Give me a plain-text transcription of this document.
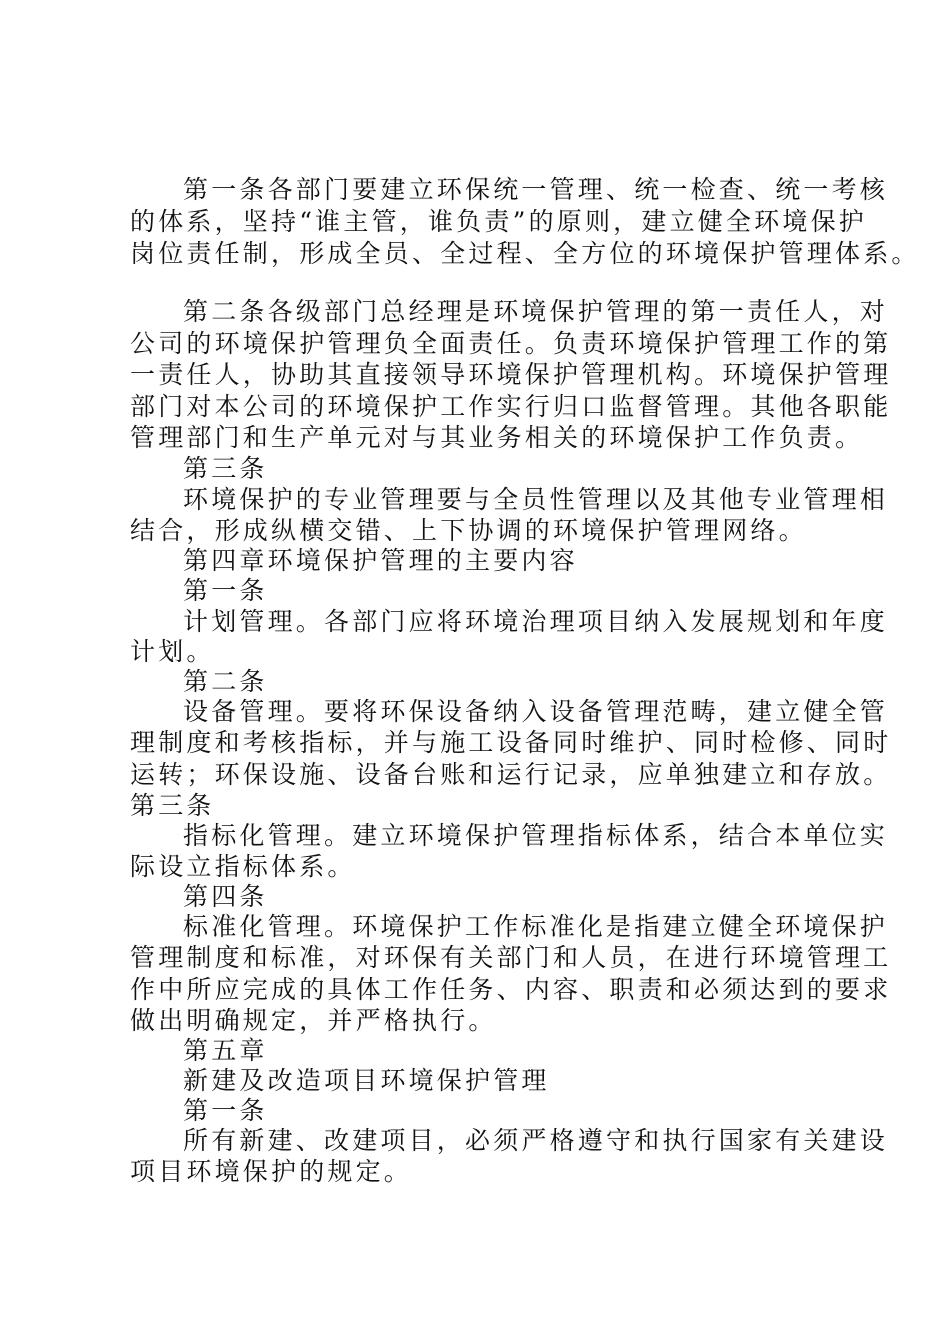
第一条各部门要建立环保统一管理、统一检查、统一考核

的体系，坚持“谁主管，谁负责”的原则，建立健全环境保护

岗位责任制，形成全员、全过程、全方位的环境保护管理体系。

第二条各级部门总经理是环境保护管理的第一责任人，对

公司的环境保护管理负全面责任。负责环境保护管理工作的第

一责任人，协助其直接领导环境保护管理机构。环境保护管理

部门对本公司的环境保护工作实行归口监督管理。其他各职能

管理部门和生产单元对与其业务相关的环境保护工作负责。

第三条

环境保护的专业管理要与全员性管理以及其他专业管理相

结合，形成纵横交错、上下协调的环境保护管理网络。

第四章环境保护管理的主要内容

第一条

计划管理。各部门应将环境治理项目纳入发展规划和年度

计划。

第二条

设备管理。要将环保设备纳入设备管理范畴，建立健全管

理制度和考核指标，并与施工设备同时维护、同时检修、同时

运转；环保设施、设备台账和运行记录，应单独建立和存放。

第三条

指标化管理。建立环境保护管理指标体系，结合本单位实

际设立指标体系。

第四条

标准化管理。环境保护工作标准化是指建立健全环境保护

管理制度和标准，对环保有关部门和人员，在进行环境管理工

作中所应完成的具体工作任务、内容、职责和必须达到的要求

做出明确规定，并严格执行。

第五章

新建及改造项目环境保护管理

第一条

所有新建、改建项目，必须严格遵守和执行国家有关建设

项目环境保护的规定。
